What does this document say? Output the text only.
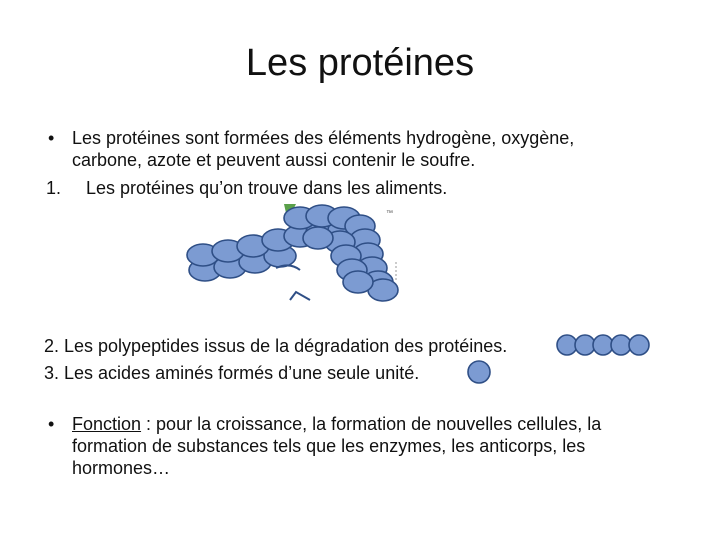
Les protéines
• Les protéines sont formées des éléments hydrogène, oxygène,
carbone, azote et peuvent aussi contenir le soufre.
1. Les protéines qu’on trouve dans les aliments.
™
2. Les polypeptides issus de la dégradation des protéines.
3. Les acides aminés formés d’une seule unité.
• Fonction : pour la croissance, la formation de nouvelles cellules, la
formation de substances tels que les enzymes, les anticorps, les
hormones…
